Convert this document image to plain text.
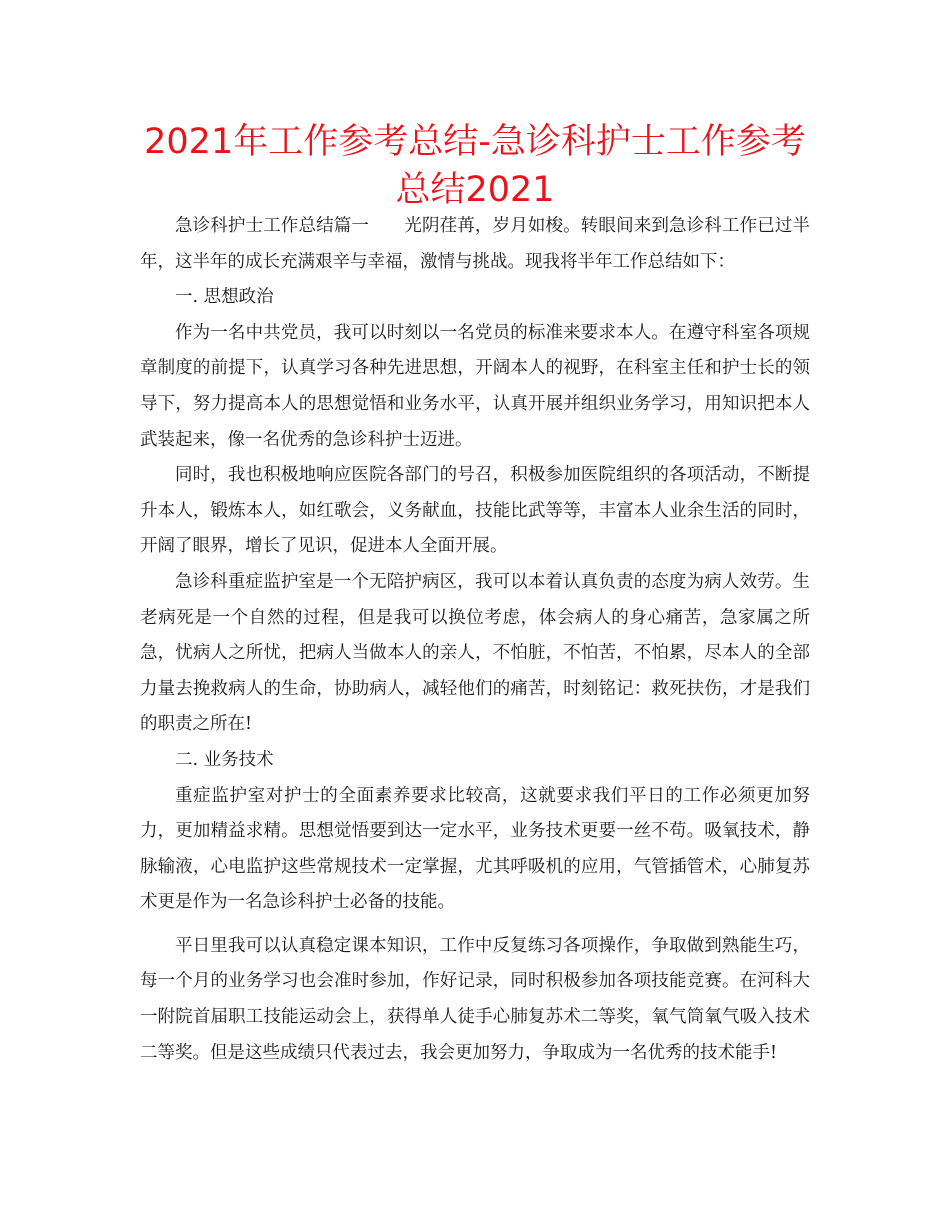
2021年工作参考总结-急诊科护士工作参考总结2021

急诊科护士工作总结篇一　　光阴荏苒，岁月如梭。转眼间来到急诊科工作已过半年，这半年的成长充满艰辛与幸福，激情与挑战。现我将半年工作总结如下：

一. 思想政治

作为一名中共党员，我可以时刻以一名党员的标准来要求本人。在遵守科室各项规章制度的前提下，认真学习各种先进思想，开阔本人的视野，在科室主任和护士长的领导下，努力提高本人的思想觉悟和业务水平，认真开展并组织业务学习，用知识把本人武装起来，像一名优秀的急诊科护士迈进。

同时，我也积极地响应医院各部门的号召，积极参加医院组织的各项活动，不断提升本人，锻炼本人，如红歌会，义务献血，技能比武等等，丰富本人业余生活的同时，开阔了眼界，增长了见识，促进本人全面开展。

急诊科重症监护室是一个无陪护病区，我可以本着认真负责的态度为病人效劳。生老病死是一个自然的过程，但是我可以换位考虑，体会病人的身心痛苦，急家属之所急，忧病人之所忧，把病人当做本人的亲人，不怕脏，不怕苦，不怕累，尽本人的全部力量去挽救病人的生命，协助病人，减轻他们的痛苦，时刻铭记：救死扶伤，才是我们的职责之所在!

二. 业务技术

重症监护室对护士的全面素养要求比较高，这就要求我们平日的工作必须更加努力，更加精益求精。思想觉悟要到达一定水平，业务技术更要一丝不苟。吸氧技术，静脉输液，心电监护这些常规技术一定掌握，尤其呼吸机的应用，气管插管术，心肺复苏术更是作为一名急诊科护士必备的技能。

平日里我可以认真稳定课本知识，工作中反复练习各项操作，争取做到熟能生巧，每一个月的业务学习也会准时参加，作好记录，同时积极参加各项技能竞赛。在河科大一附院首届职工技能运动会上，获得单人徒手心肺复苏术二等奖，氧气筒氧气吸入技术二等奖。但是这些成绩只代表过去，我会更加努力，争取成为一名优秀的技术能手!
